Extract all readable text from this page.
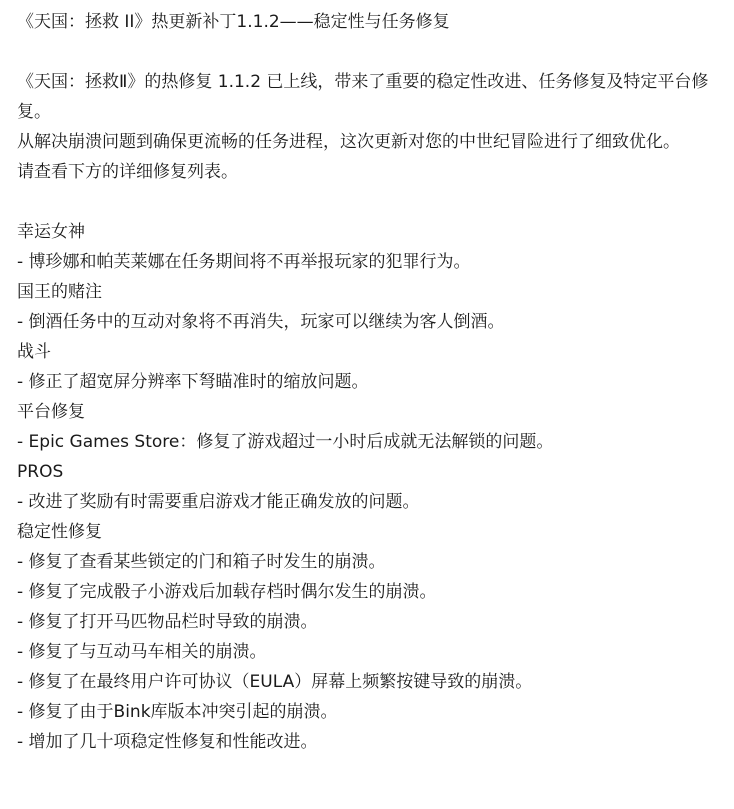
《天国：拯救 II》热更新补丁1.1.2——稳定性与任务修复

《天国：拯救Ⅱ》的热修复 1.1.2 已上线，带来了重要的稳定性改进、任务修复及特定平台修复。

从解决崩溃问题到确保更流畅的任务进程，这次更新对您的中世纪冒险进行了细致优化。

请查看下方的详细修复列表。

幸运女神

- 博珍娜和帕芙莱娜在任务期间将不再举报玩家的犯罪行为。

国王的赌注

- 倒酒任务中的互动对象将不再消失，玩家可以继续为客人倒酒。

战斗

- 修正了超宽屏分辨率下弩瞄准时的缩放问题。

平台修复

- Epic Games Store：修复了游戏超过一小时后成就无法解锁的问题。

PROS

- 改进了奖励有时需要重启游戏才能正确发放的问题。

稳定性修复

- 修复了查看某些锁定的门和箱子时发生的崩溃。

- 修复了完成骰子小游戏后加载存档时偶尔发生的崩溃。

- 修复了打开马匹物品栏时导致的崩溃。

- 修复了与互动马车相关的崩溃。

- 修复了在最终用户许可协议（EULA）屏幕上频繁按键导致的崩溃。

- 修复了由于Bink库版本冲突引起的崩溃。

- 增加了几十项稳定性修复和性能改进。
